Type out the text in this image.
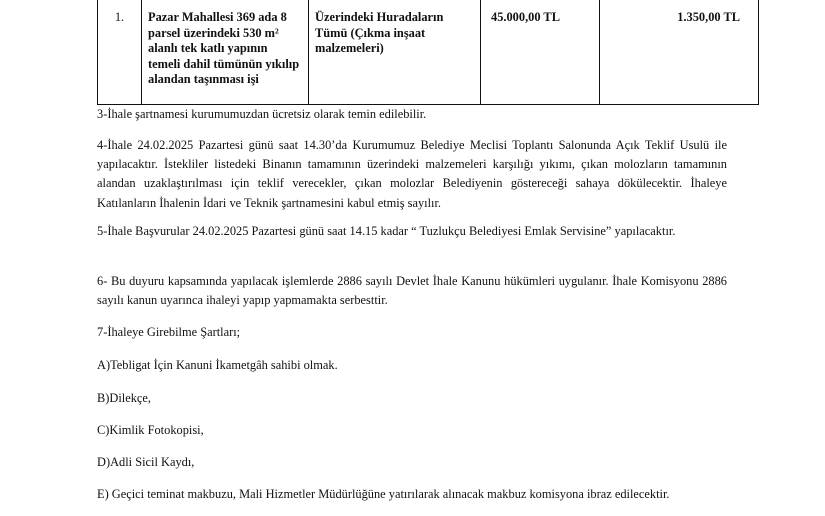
1.	Pazar Mahallesi 369 ada 8 parsel üzerindeki 530 m² alanlı tek katlı yapının temeli dahil tümünün yıkılıp alandan taşınması işi	Üzerindeki Huradaların Tümü (Çıkma inşaat malzemeleri)	45.000,00 TL	1.350,00 TL

3-İhale şartnamesi kurumumuzdan ücretsiz olarak temin edilebilir.

4-İhale 24.02.2025 Pazartesi günü saat 14.30’da Kurumumuz Belediye Meclisi Toplantı Salonunda Açık Teklif Usulü ile yapılacaktır. İstekliler listedeki Binanın tamamının üzerindeki malzemeleri karşılığı yıkımı, çıkan molozların tamamının alandan uzaklaştırılması için teklif verecekler, çıkan molozlar Belediyenin göstereceği sahaya dökülecektir. İhaleye Katılanların İhalenin İdari ve Teknik şartnamesini kabul etmiş sayılır.

5-İhale Başvurular 24.02.2025 Pazartesi günü saat 14.15 kadar “ Tuzlukçu Belediyesi Emlak Servisine” yapılacaktır.

6- Bu duyuru kapsamında yapılacak işlemlerde 2886 sayılı Devlet İhale Kanunu hükümleri uygulanır. İhale Komisyonu 2886 sayılı kanun uyarınca ihaleyi yapıp yapmamakta serbesttir.

7-İhaleye Girebilme Şartları;

A)Tebligat İçin Kanuni İkametgâh sahibi olmak.

B)Dilekçe,

C)Kimlik Fotokopisi,

D)Adli Sicil Kaydı,

E) Geçici teminat makbuzu, Mali Hizmetler Müdürlüğüne yatırılarak alınacak makbuz komisyona ibraz edilecektir.
